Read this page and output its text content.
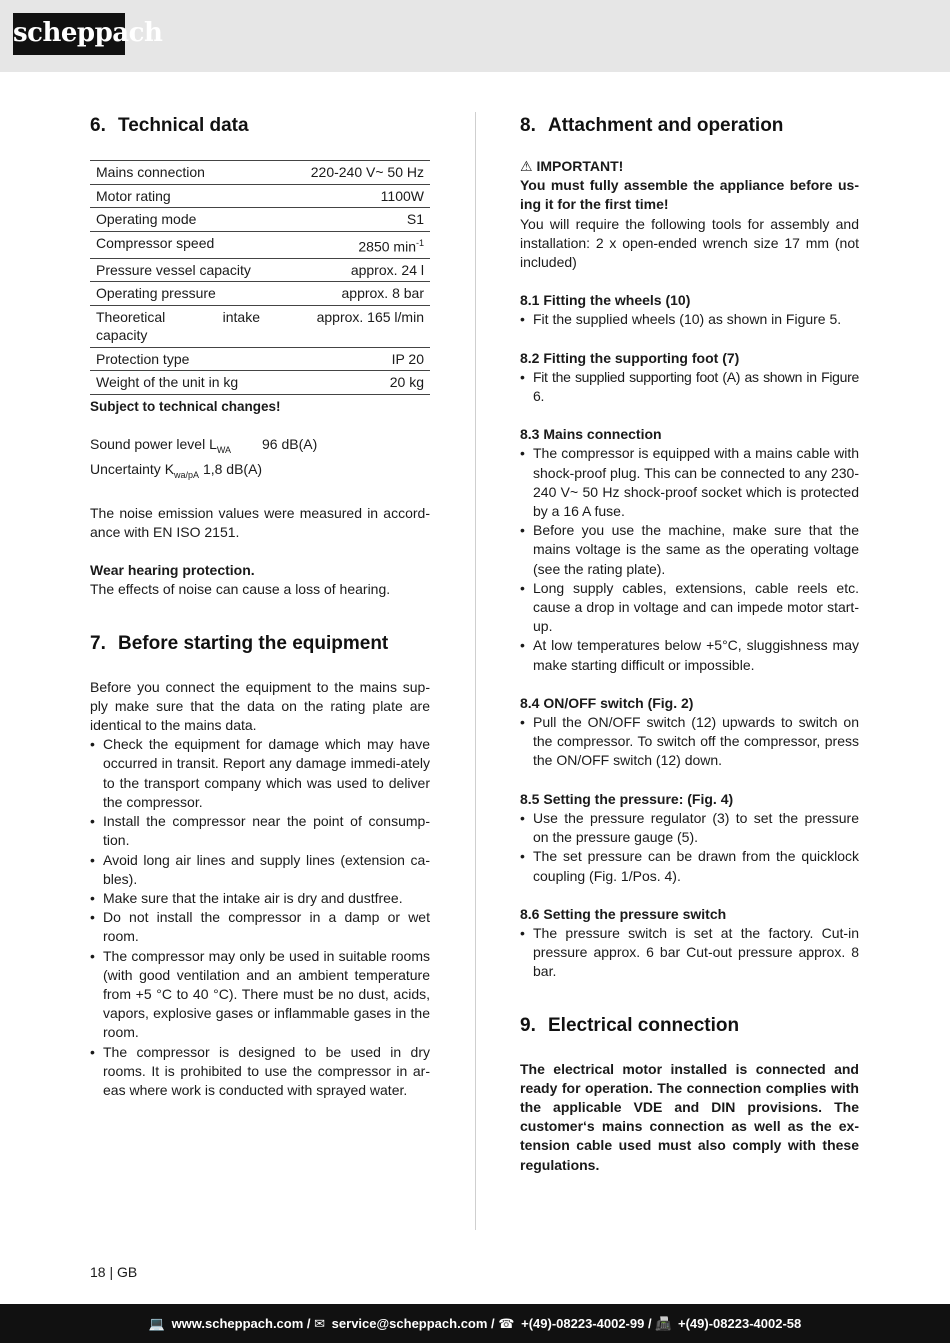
scheppach
6. Technical data
Mains connection	220-240 V~ 50 Hz
Motor rating	1100W
Operating mode	S1
Compressor speed	2850 $\min^{-1}$
Pressure vessel capacity	approx. 24 l
Operating pressure	approx. 8 bar

Theoretical intake
capacity	approx. 165 l/min
Protection type	IP 20
Weight of the unit in kg	20 kg
Subject to technical changes!
Sound power level $L_{WA}$	96 dB(A)
Uncertainty $K_{wa/pA}$ 1,8 dB(A)

The noise emission values were measured in accord-ance with EN ISO 2151.

Wear hearing protection.

The effects of noise can cause a loss of hearing.

7. Before starting the equipment

Before you connect the equipment to the mains sup-ply make sure that the data on the rating plate are identical to the mains data.

• Check the equipment for damage which may have occurred in transit. Report any damage immedi-ately to the transport company which was used to deliver the compressor.
• Install the compressor near the point of consump-tion.
• Avoid long air lines and supply lines (extension ca-bles).
• Make sure that the intake air is dry and dustfree.
• Do not install the compressor in a damp or wet room.
• The compressor may only be used in suitable rooms (with good ventilation and an ambient temperature from +5 °C to 40 °C). There must be no dust, acids, vapors, explosive gases or inflammable gases in the room.
• The compressor is designed to be used in dry rooms. It is prohibited to use the compressor in ar-eas where work is conducted with sprayed water.
8. Attachment and operation

⚠ IMPORTANT!

You must fully assemble the appliance before us-ing it for the first time!

You will require the following tools for assembly and installation: 2 x open-ended wrench size 17 mm (not included)

8.1 Fitting the wheels (10)

• Fit the supplied wheels (10) as shown in Figure 5.

8.2 Fitting the supporting foot (7)

• Fit the supplied supporting foot (A) as shown in Figure 6.

8.3 Mains connection

• The compressor is equipped with a mains cable with shock-proof plug. This can be connected to any 230-240 V~ 50 Hz shock-proof socket which is protected by a 16 A fuse.
• Before you use the machine, make sure that the mains voltage is the same as the operating voltage (see the rating plate).
• Long supply cables, extensions, cable reels etc. cause a drop in voltage and can impede motor start-up.
• At low temperatures below +5°C, sluggishness may make starting difficult or impossible.

8.4 ON/OFF switch (Fig. 2)

• Pull the ON/OFF switch (12) upwards to switch on the compressor. To switch off the compressor, press the ON/OFF switch (12) down.

8.5 Setting the pressure: (Fig. 4)

• Use the pressure regulator (3) to set the pressure on the pressure gauge (5).
• The set pressure can be drawn from the quicklock coupling (Fig. 1/Pos. 4).

8.6 Setting the pressure switch

• The pressure switch is set at the factory. Cut-in pressure approx. 6 bar Cut-out pressure approx. 8 bar.
9. Electrical connection

The electrical motor installed is connected and ready for operation. The connection complies with the applicable VDE and DIN provisions. The customer‘s mains connection as well as the ex-tension cable used must also comply with these regulations.

18 | GB
💻 www.scheppach.com / ✉ service@scheppach.com / ☎ +(49)-08223-4002-99 / 📠 +(49)-08223-4002-58
